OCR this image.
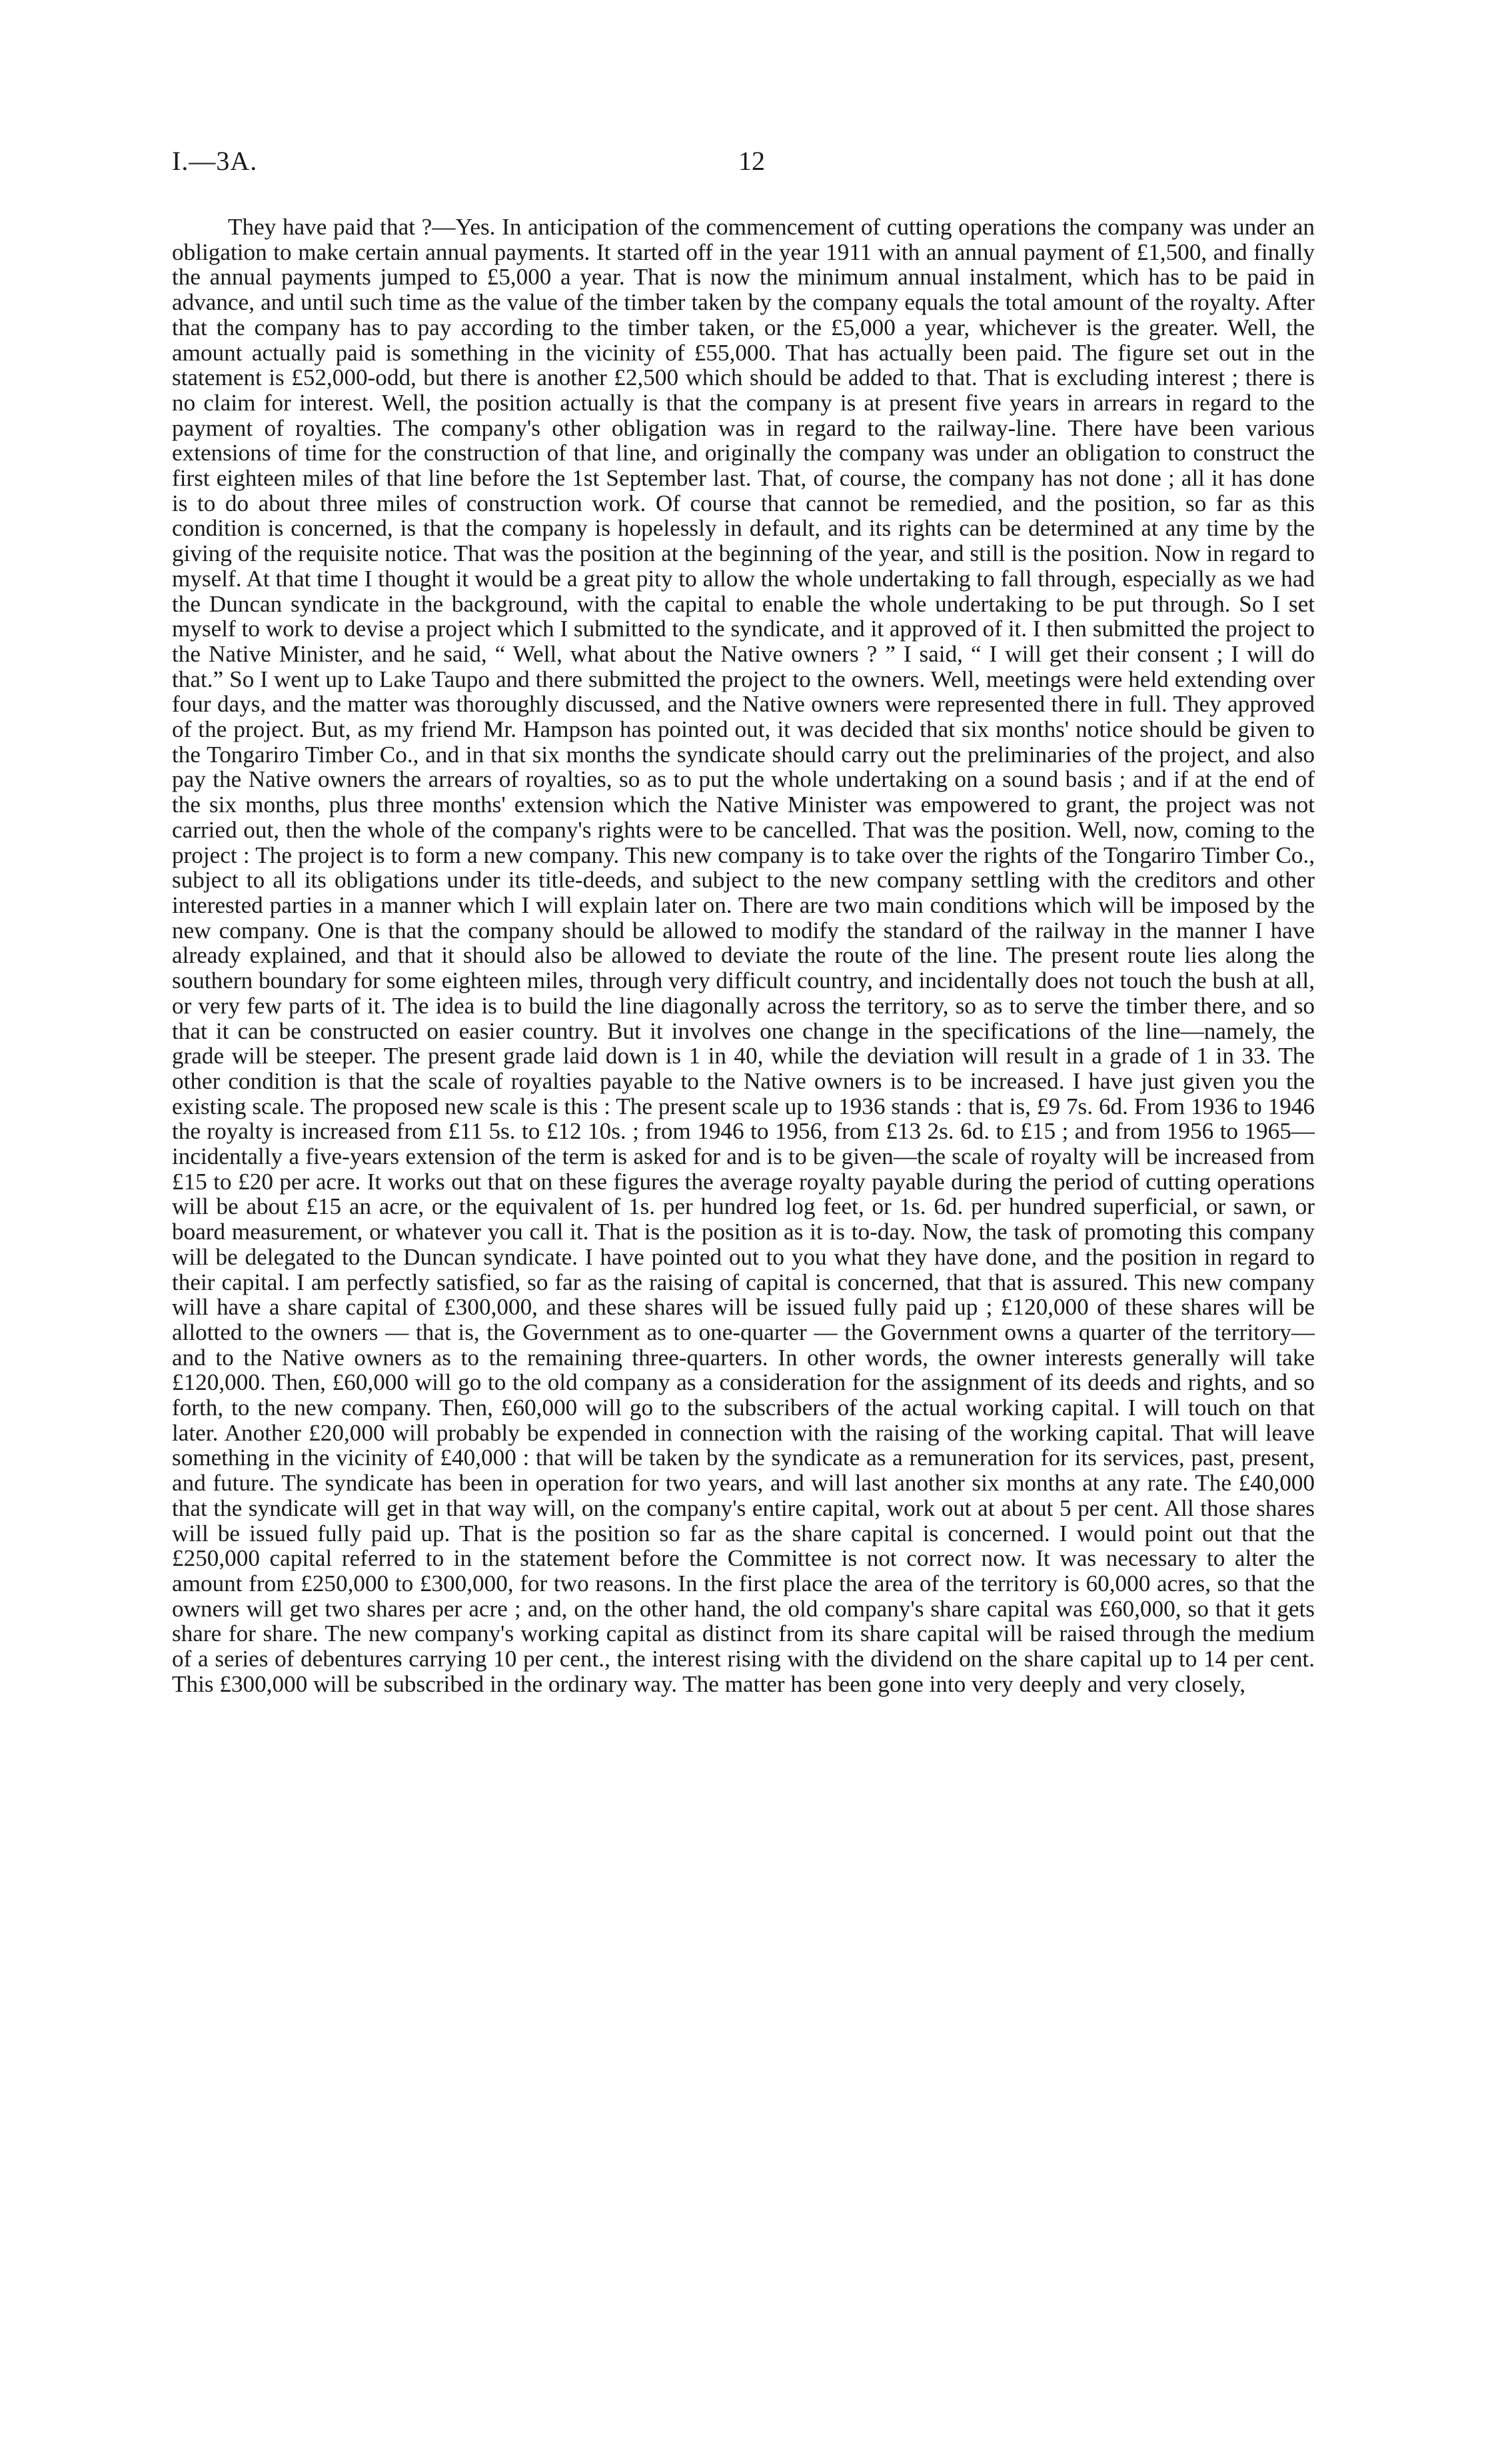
I.—3A.	12

They have paid that ?—Yes. In anticipation of the commencement of cutting operations the company was under an obligation to make certain annual payments. It started off in the year 1911 with an annual payment of £1,500, and finally the annual payments jumped to £5,000 a year. That is now the minimum annual instalment, which has to be paid in advance, and until such time as the value of the timber taken by the company equals the total amount of the royalty. After that the company has to pay according to the timber taken, or the £5,000 a year, whichever is the greater. Well, the amount actually paid is something in the vicinity of £55,000. That has actually been paid. The figure set out in the statement is £52,000-odd, but there is another £2,500 which should be added to that. That is excluding interest ; there is no claim for interest. Well, the position actually is that the company is at present five years in arrears in regard to the payment of royalties. The company's other obligation was in regard to the railway-line. There have been various extensions of time for the construction of that line, and originally the company was under an obligation to construct the first eighteen miles of that line before the 1st September last. That, of course, the company has not done ; all it has done is to do about three miles of construction work. Of course that cannot be remedied, and the position, so far as this condition is concerned, is that the company is hopelessly in default, and its rights can be determined at any time by the giving of the requisite notice. That was the position at the beginning of the year, and still is the position. Now in regard to myself. At that time I thought it would be a great pity to allow the whole undertaking to fall through, especially as we had the Duncan syndicate in the background, with the capital to enable the whole undertaking to be put through. So I set myself to work to devise a project which I submitted to the syndicate, and it approved of it. I then submitted the project to the Native Minister, and he said, “ Well, what about the Native owners ? ” I said, “ I will get their consent ; I will do that.” So I went up to Lake Taupo and there submitted the project to the owners. Well, meetings were held extending over four days, and the matter was thoroughly discussed, and the Native owners were represented there in full. They approved of the project. But, as my friend Mr. Hampson has pointed out, it was decided that six months' notice should be given to the Tongariro Timber Co., and in that six months the syndicate should carry out the preliminaries of the project, and also pay the Native owners the arrears of royalties, so as to put the whole undertaking on a sound basis ; and if at the end of the six months, plus three months' extension which the Native Minister was empowered to grant, the project was not carried out, then the whole of the company's rights were to be cancelled. That was the position. Well, now, coming to the project : The project is to form a new company. This new company is to take over the rights of the Tongariro Timber Co., subject to all its obligations under its title-deeds, and subject to the new company settling with the creditors and other interested parties in a manner which I will explain later on. There are two main conditions which will be imposed by the new company. One is that the company should be allowed to modify the standard of the railway in the manner I have already explained, and that it should also be allowed to deviate the route of the line. The present route lies along the southern boundary for some eighteen miles, through very difficult country, and incidentally does not touch the bush at all, or very few parts of it. The idea is to build the line diagonally across the territory, so as to serve the timber there, and so that it can be constructed on easier country. But it involves one change in the specifications of the line—namely, the grade will be steeper. The present grade laid down is 1 in 40, while the deviation will result in a grade of 1 in 33. The other condition is that the scale of royalties payable to the Native owners is to be increased. I have just given you the existing scale. The proposed new scale is this : The present scale up to 1936 stands : that is, £9 7s. 6d. From 1936 to 1946 the royalty is increased from £11 5s. to £12 10s. ; from 1946 to 1956, from £13 2s. 6d. to £15 ; and from 1956 to 1965—incidentally a five-years extension of the term is asked for and is to be given—the scale of royalty will be increased from £15 to £20 per acre. It works out that on these figures the average royalty payable during the period of cutting operations will be about £15 an acre, or the equivalent of 1s. per hundred log feet, or 1s. 6d. per hundred superficial, or sawn, or board measurement, or whatever you call it. That is the position as it is to-day. Now, the task of promoting this company will be delegated to the Duncan syndicate. I have pointed out to you what they have done, and the position in regard to their capital. I am perfectly satisfied, so far as the raising of capital is concerned, that that is assured. This new company will have a share capital of £300,000, and these shares will be issued fully paid up ; £120,000 of these shares will be allotted to the owners — that is, the Government as to one-quarter — the Government owns a quarter of the territory—and to the Native owners as to the remaining three-quarters. In other words, the owner interests generally will take £120,000. Then, £60,000 will go to the old company as a consideration for the assignment of its deeds and rights, and so forth, to the new company. Then, £60,000 will go to the subscribers of the actual working capital. I will touch on that later. Another £20,000 will probably be expended in connection with the raising of the working capital. That will leave something in the vicinity of £40,000 : that will be taken by the syndicate as a remuneration for its services, past, present, and future. The syndicate has been in operation for two years, and will last another six months at any rate. The £40,000 that the syndicate will get in that way will, on the company's entire capital, work out at about 5 per cent. All those shares will be issued fully paid up. That is the position so far as the share capital is concerned. I would point out that the £250,000 capital referred to in the statement before the Committee is not correct now. It was necessary to alter the amount from £250,000 to £300,000, for two reasons. In the first place the area of the territory is 60,000 acres, so that the owners will get two shares per acre ; and, on the other hand, the old company's share capital was £60,000, so that it gets share for share. The new company's working capital as distinct from its share capital will be raised through the medium of a series of debentures carrying 10 per cent., the interest rising with the dividend on the share capital up to 14 per cent. This £300,000 will be subscribed in the ordinary way. The matter has been gone into very deeply and very closely,
